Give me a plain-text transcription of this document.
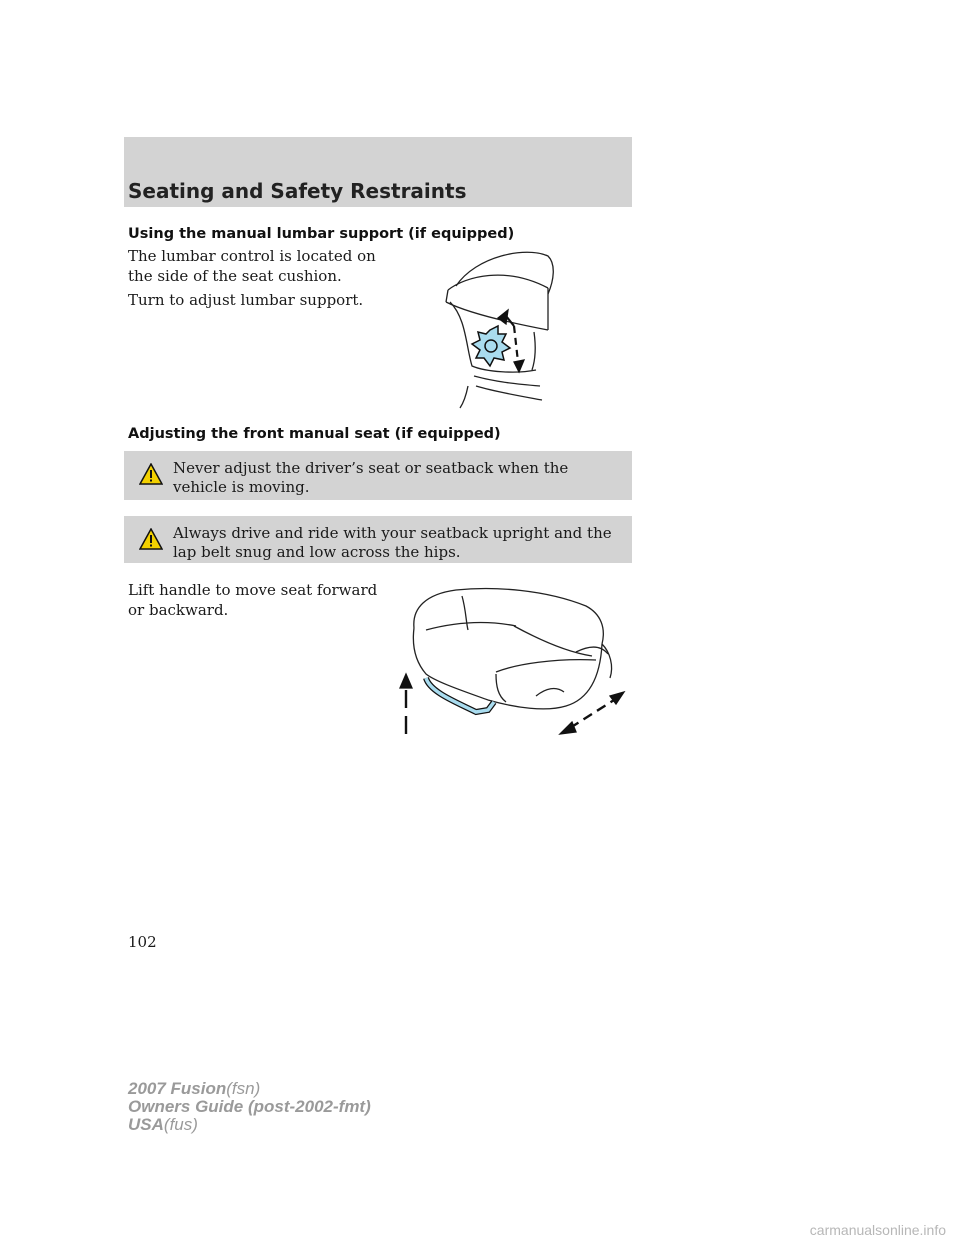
Seating and Safety Restraints
Using the manual lumbar support (if equipped)
The lumbar control is located on the side of the seat cushion.
Turn to adjust lumbar support.
Adjusting the front manual seat (if equipped)
Never adjust the driver’s seat or seatback when the vehicle is moving.
Always drive and ride with your seatback upright and the lap belt snug and low across the hips.
Lift handle to move seat forward or backward.
102
2007 Fusion(fsn)
Owners Guide (post-2002-fmt)
USA(fus)
carmanualsonline.info
